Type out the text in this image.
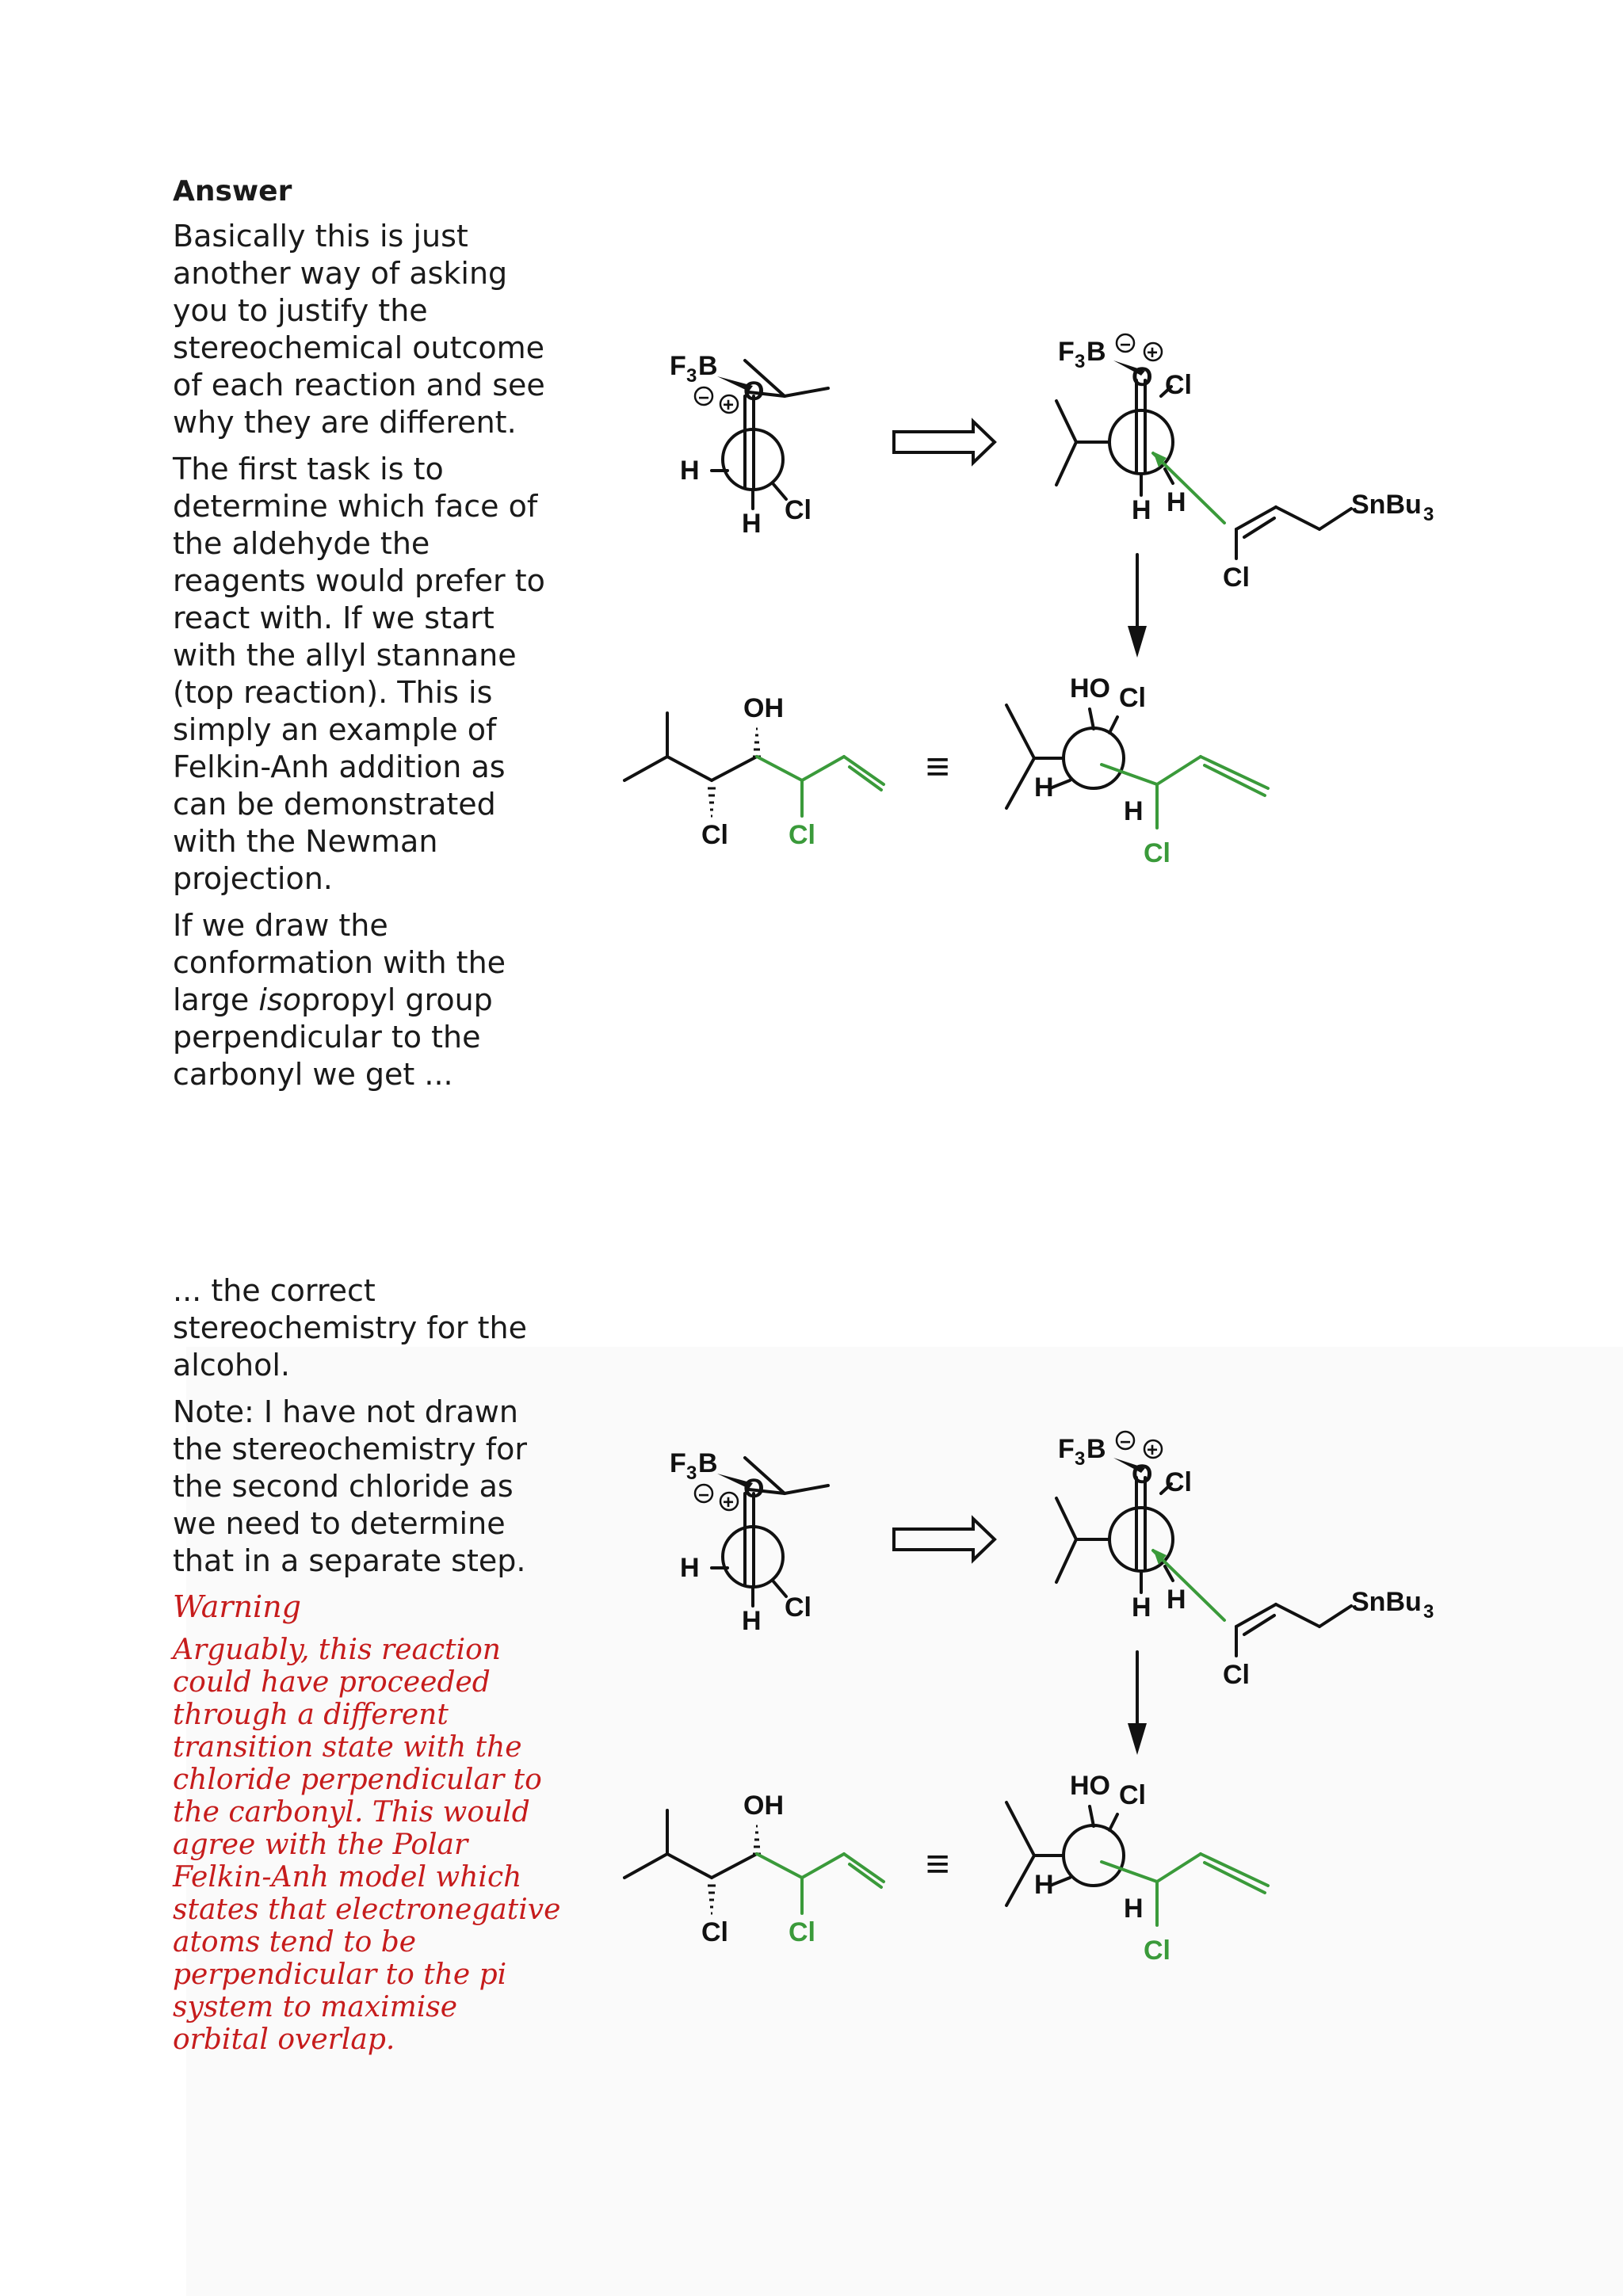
Answer

Basically this is just another way of asking you to justify the stereochemical outcome of each reaction and see why they are different.

The first task is to determine which face of the aldehyde the reagents would prefer to react with. If we start with the allyl stannane (top reaction). This is simply an example of Felkin-Anh addition as can be demonstrated with the Newman projection.

If we draw the conformation with the large isopropyl group perpendicular to the carbonyl we get ...

... the correct stereochemistry for the alcohol.

Note: I have not drawn the stereochemistry for the second chloride as we need to determine that in a separate step.

Warning

Arguably, this reaction could have proceeded through a different transition state with the chloride perpendicular to the carbonyl. This would agree with the Polar Felkin-Anh model which states that electronegative atoms tend to be perpendicular to the pi system to maximise orbital overlap.

F 3 B
O
H
H Cl
− +
F 3 B
O Cl
H H
− +
SnBu 3
Cl
OH
Cl
≡
HO Cl
H
H
Cl
Cl
F 3 B
O
H
H Cl
− +
F 3 B
O Cl
H H
− +
SnBu 3
Cl
OH
Cl
≡
HO Cl
H
H
Cl
Cl
